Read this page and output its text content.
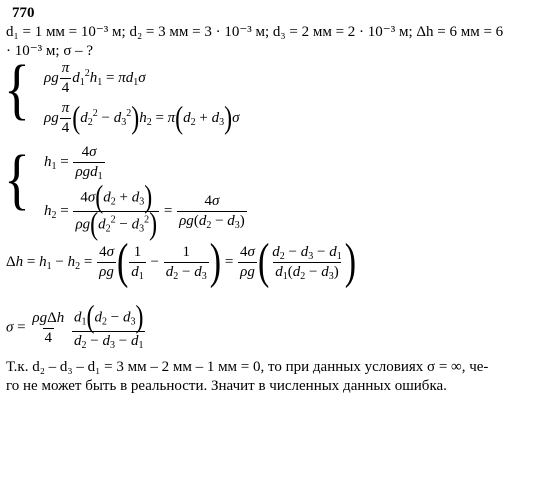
770
d₁ = 1 мм = 10⁻³ м; d₂ = 3 мм = 3 · 10⁻³ м; d₃ = 2 мм = 2 · 10⁻³ м; Δh = 6 мм = 6
· 10⁻³ м; σ – ?
{ ρg $\frac{\pi}{4} d_1^2h_1 = \pi d_1\sigma$
ρg $\frac{\pi}{4} (d_2^2 - d_3^2)h_2 = \pi(d_2 + d_3)\sigma$
{ $h_1 = \frac{4\sigma}{\rho gd_1}$
$h_2 = \frac{4\sigma(d_2 + d_3)}{\rho g(d_2^2 - d_3^2)} = \frac{4\sigma}{\rho g(d_2 - d_3)}$
$\Delta h = h_1 - h_2 = \frac{4\sigma}{\rho g}$ ( $\frac{1}{d_1} - \frac{1}{d_2 - d_3}$ ) = $\frac{4\sigma}{\rho g}$ ( $\frac{d_2 - d_3 - d_1}{d_1(d_2 - d_3)}$ )
$\sigma = \frac{\text{ρgΔh}}{4}$
$\frac{d_1(d_2 - d_3)}{d_2 - d_3 - d_1}$
Т.к. d₂ – d₃ – d₁ = 3 мм – 2 мм – 1 мм = 0, то при данных условиях σ = ∞, че-
го не может быть в реальности. Значит в численных данных ошибка.
